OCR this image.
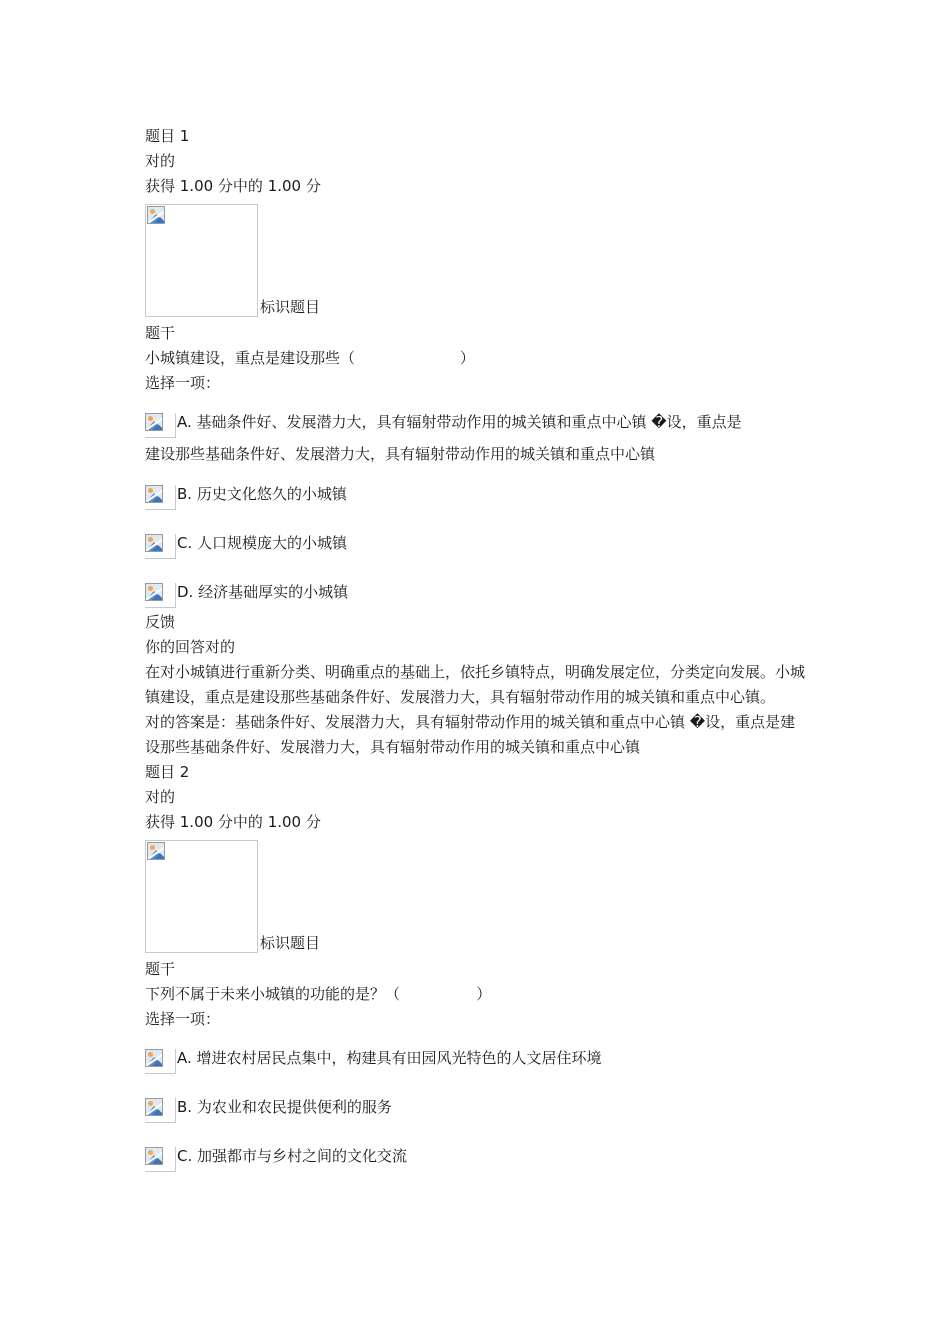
题目 1
对的
获得 1.00 分中的 1.00 分
标识题目
题干
小城镇建设，重点是建设那些（                      ）
选择一项：
A. 基础条件好、发展潜力大，具有辐射带动作用的城关镇和重点中心镇 �设，重点是
建设那些基础条件好、发展潜力大，具有辐射带动作用的城关镇和重点中心镇
B. 历史文化悠久的小城镇
C. 人口规模庞大的小城镇
D. 经济基础厚实的小城镇
反馈
你的回答对的
在对小城镇进行重新分类、明确重点的基础上，依托乡镇特点，明确发展定位，分类定向发展。小城镇建设，重点是建设那些基础条件好、发展潜力大，具有辐射带动作用的城关镇和重点中心镇。
对的答案是：基础条件好、发展潜力大，具有辐射带动作用的城关镇和重点中心镇 �设，重点是建设那些基础条件好、发展潜力大，具有辐射带动作用的城关镇和重点中心镇
题目 2
对的
获得 1.00 分中的 1.00 分
标识题目
题干
下列不属于未来小城镇的功能的是？（                ）
选择一项：
A. 增进农村居民点集中，构建具有田园风光特色的人文居住环境
B. 为农业和农民提供便利的服务
C. 加强都市与乡村之间的文化交流
